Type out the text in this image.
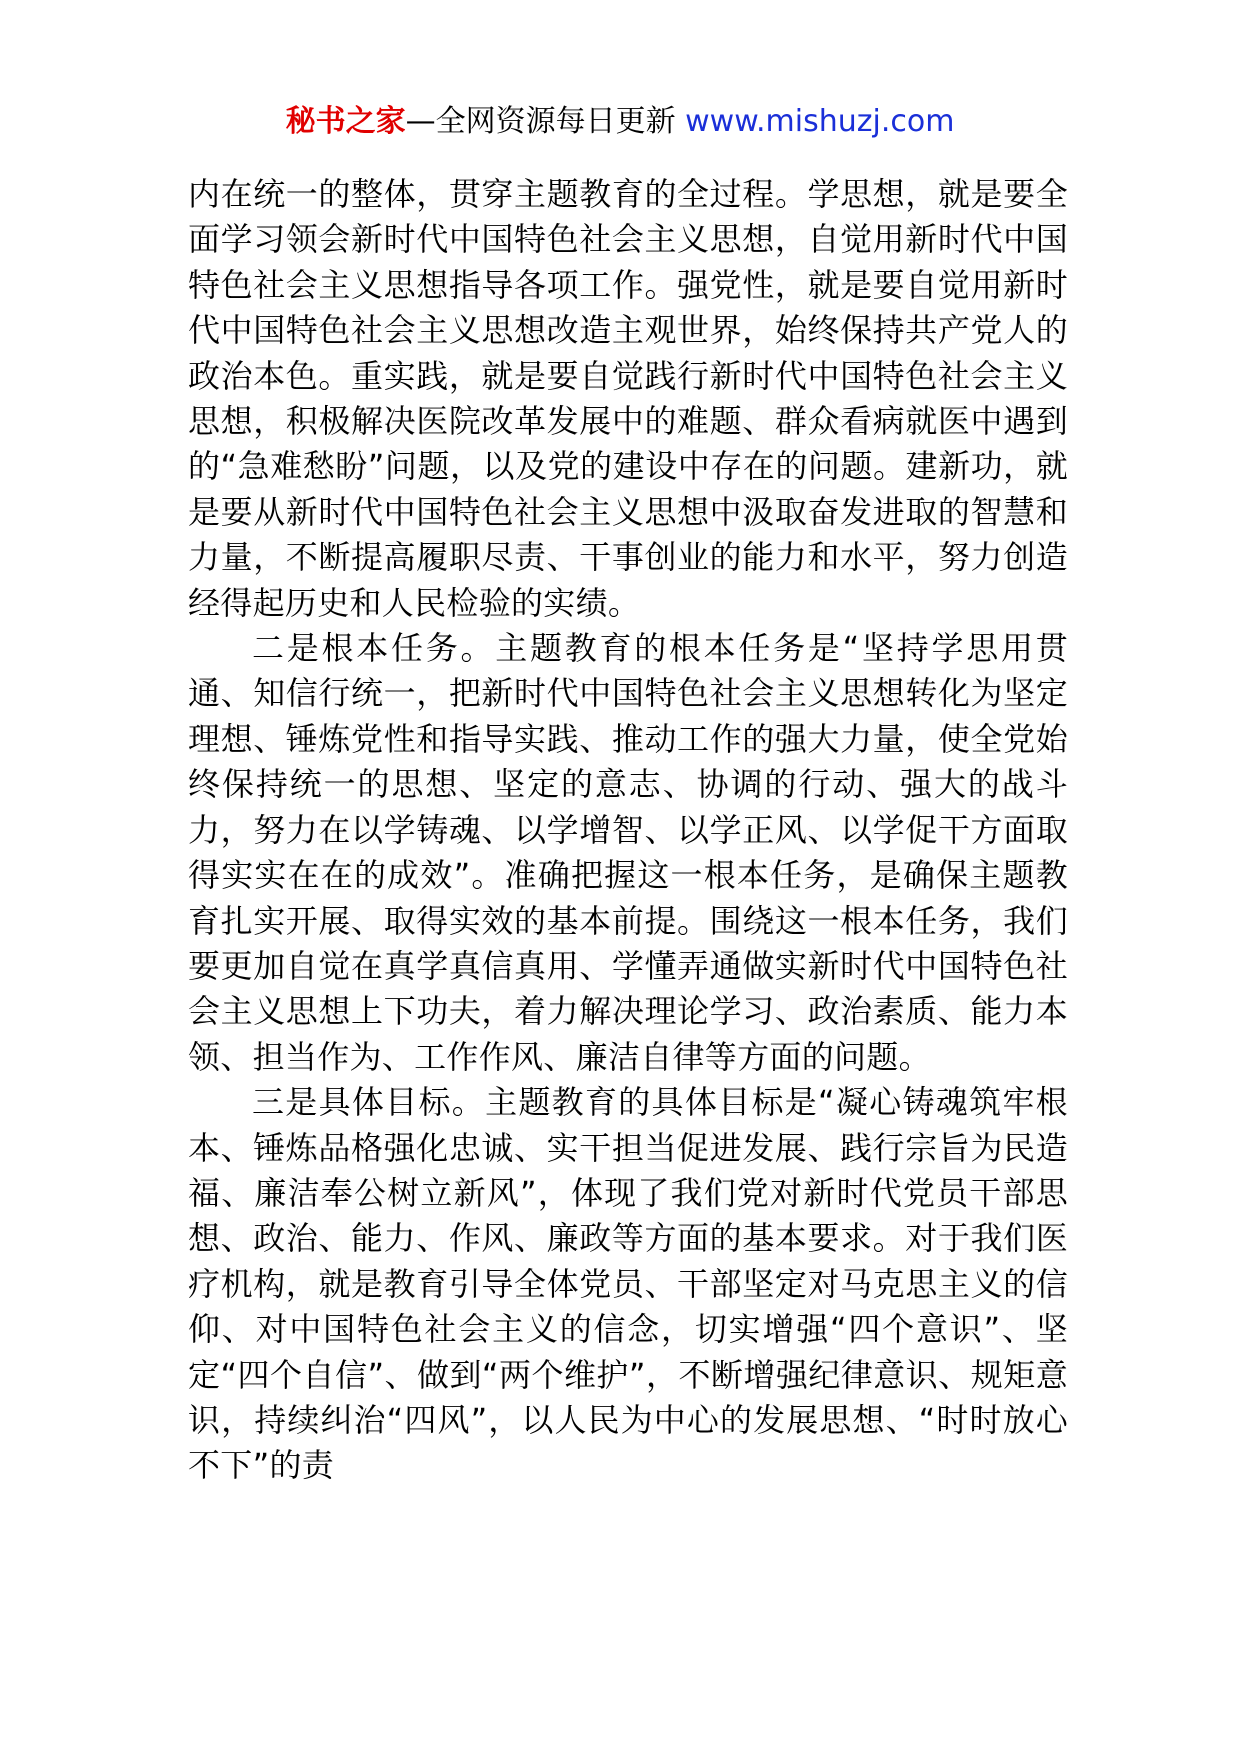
秘书之家—全网资源每日更新 www.mishuzj.com

内在统一的整体，贯穿主题教育的全过程。学思想，就是要全面学习领会新时代中国特色社会主义思想，自觉用新时代中国特色社会主义思想指导各项工作。强党性，就是要自觉用新时代中国特色社会主义思想改造主观世界，始终保持共产党人的政治本色。重实践，就是要自觉践行新时代中国特色社会主义思想，积极解决医院改革发展中的难题、群众看病就医中遇到的“急难愁盼”问题，以及党的建设中存在的问题。建新功，就是要从新时代中国特色社会主义思想中汲取奋发进取的智慧和力量，不断提高履职尽责、干事创业的能力和水平，努力创造经得起历史和人民检验的实绩。

二是根本任务。主题教育的根本任务是“坚持学思用贯通、知信行统一，把新时代中国特色社会主义思想转化为坚定理想、锤炼党性和指导实践、推动工作的强大力量，使全党始终保持统一的思想、坚定的意志、协调的行动、强大的战斗力，努力在以学铸魂、以学增智、以学正风、以学促干方面取得实实在在的成效”。准确把握这一根本任务，是确保主题教育扎实开展、取得实效的基本前提。围绕这一根本任务，我们要更加自觉在真学真信真用、学懂弄通做实新时代中国特色社会主义思想上下功夫，着力解决理论学习、政治素质、能力本领、担当作为、工作作风、廉洁自律等方面的问题。

三是具体目标。主题教育的具体目标是“凝心铸魂筑牢根本、锤炼品格强化忠诚、实干担当促进发展、践行宗旨为民造福、廉洁奉公树立新风”，体现了我们党对新时代党员干部思想、政治、能力、作风、廉政等方面的基本要求。对于我们医疗机构，就是教育引导全体党员、干部坚定对马克思主义的信仰、对中国特色社会主义的信念，切实增强“四个意识”、坚定“四个自信”、做到“两个维护”，不断增强纪律意识、规矩意识，持续纠治“四风”，以人民为中心的发展思想、“时时放心不下”的责
